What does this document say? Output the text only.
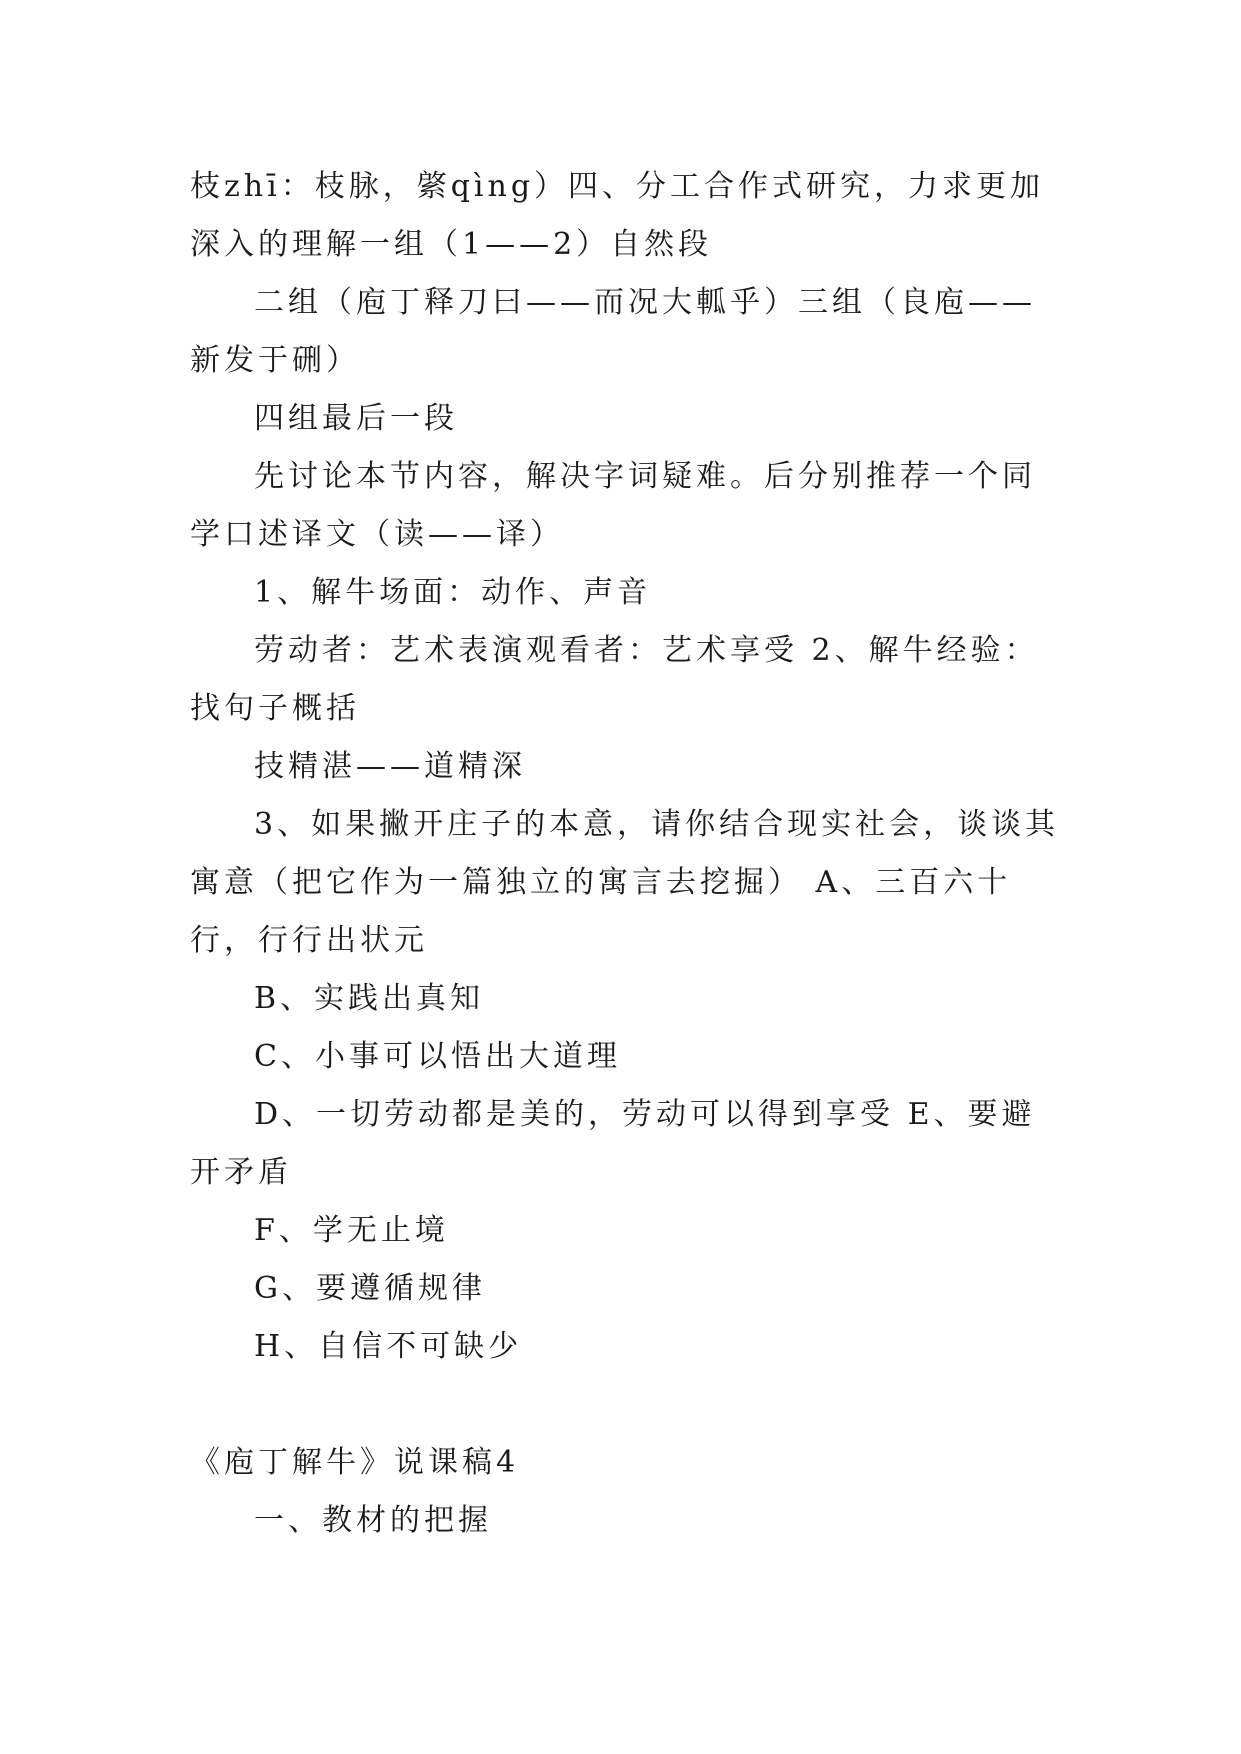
枝zhī：枝脉，綮qìng）四、分工合作式研究，力求更加深入的理解一组（1——2）自然段

二组（庖丁释刀曰——而况大軱乎）三组（良庖——新发于硎）

四组最后一段

先讨论本节内容，解决字词疑难。后分别推荐一个同学口述译文（读——译）

1、解牛场面：动作、声音

劳动者：艺术表演观看者：艺术享受 2、解牛经验：找句子概括

技精湛——道精深

3、如果撇开庄子的本意，请你结合现实社会，谈谈其寓意（把它作为一篇独立的寓言去挖掘） A、三百六十行，行行出状元

B、实践出真知

C、小事可以悟出大道理

D、一切劳动都是美的，劳动可以得到享受 E、要避开矛盾

F、学无止境

G、要遵循规律

H、自信不可缺少

《庖丁解牛》说课稿4

一、教材的把握
